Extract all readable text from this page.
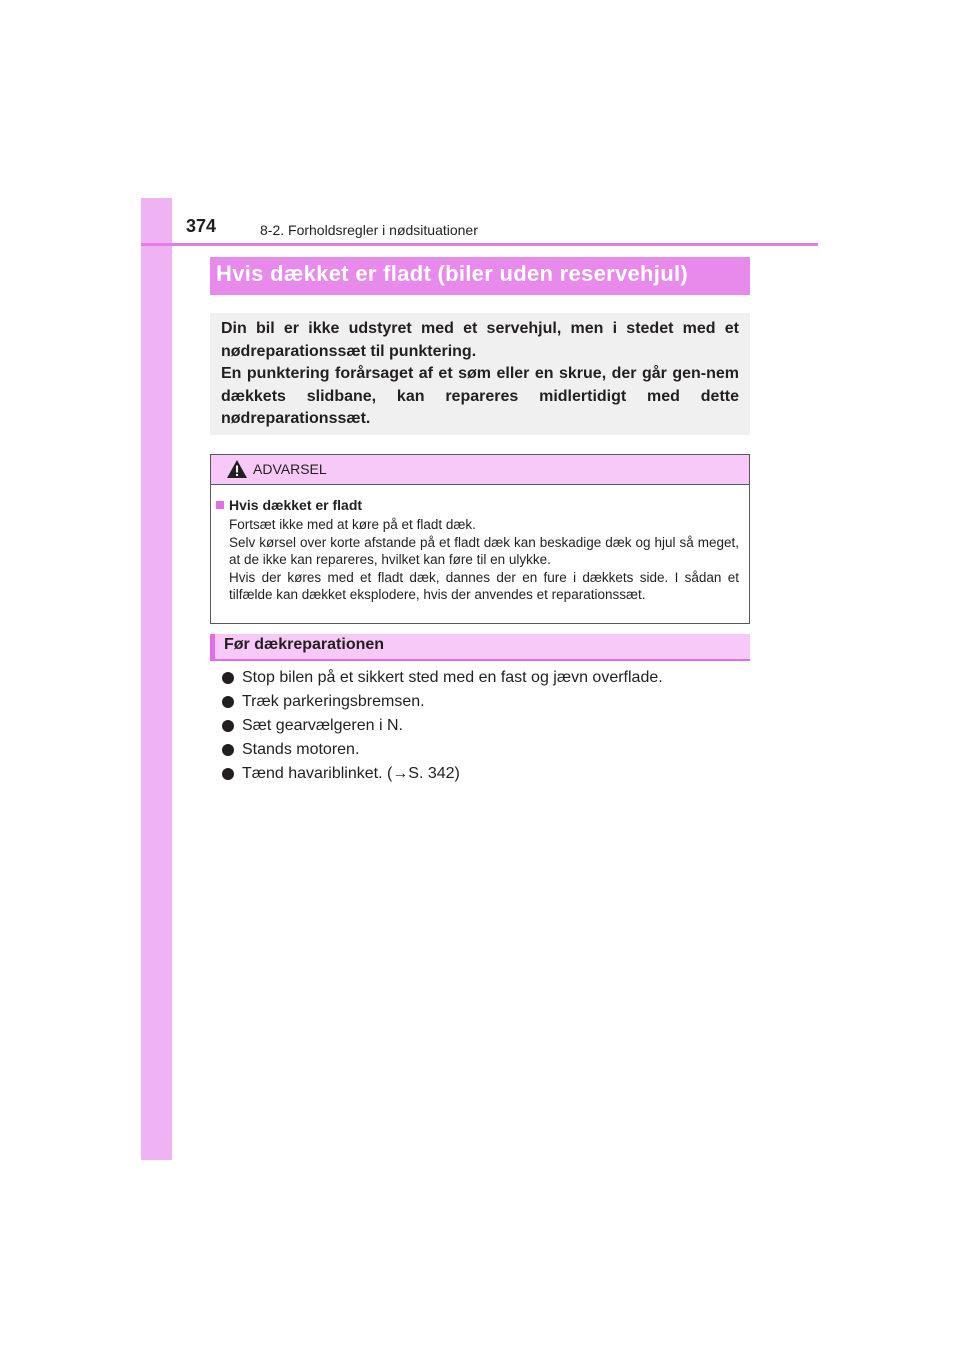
374	8-2. Forholdsregler i nødsituationer
Hvis dækket er fladt (biler uden reservehjul)

Din bil er ikke udstyret med et servehjul, men i stedet med et nødreparationssæt til punktering.

En punktering forårsaget af et søm eller en skrue, der går gen-nem dækkets slidbane, kan repareres midlertidigt med dette nødreparationssæt.

ADVARSEL
Hvis dækket er fladt

Fortsæt ikke med at køre på et fladt dæk.

Selv kørsel over korte afstande på et fladt dæk kan beskadige dæk og hjul så meget, at de ikke kan repareres, hvilket kan føre til en ulykke.

Hvis der køres med et fladt dæk, dannes der en fure i dækkets side. I sådan et tilfælde kan dækket eksplodere, hvis der anvendes et reparationssæt.

Før dækreparationen
Stop bilen på et sikkert sted med en fast og jævn overflade.
Træk parkeringsbremsen.
Sæt gearvælgeren i N.
Stands motoren.
Tænd havariblinket. (→S. 342)
